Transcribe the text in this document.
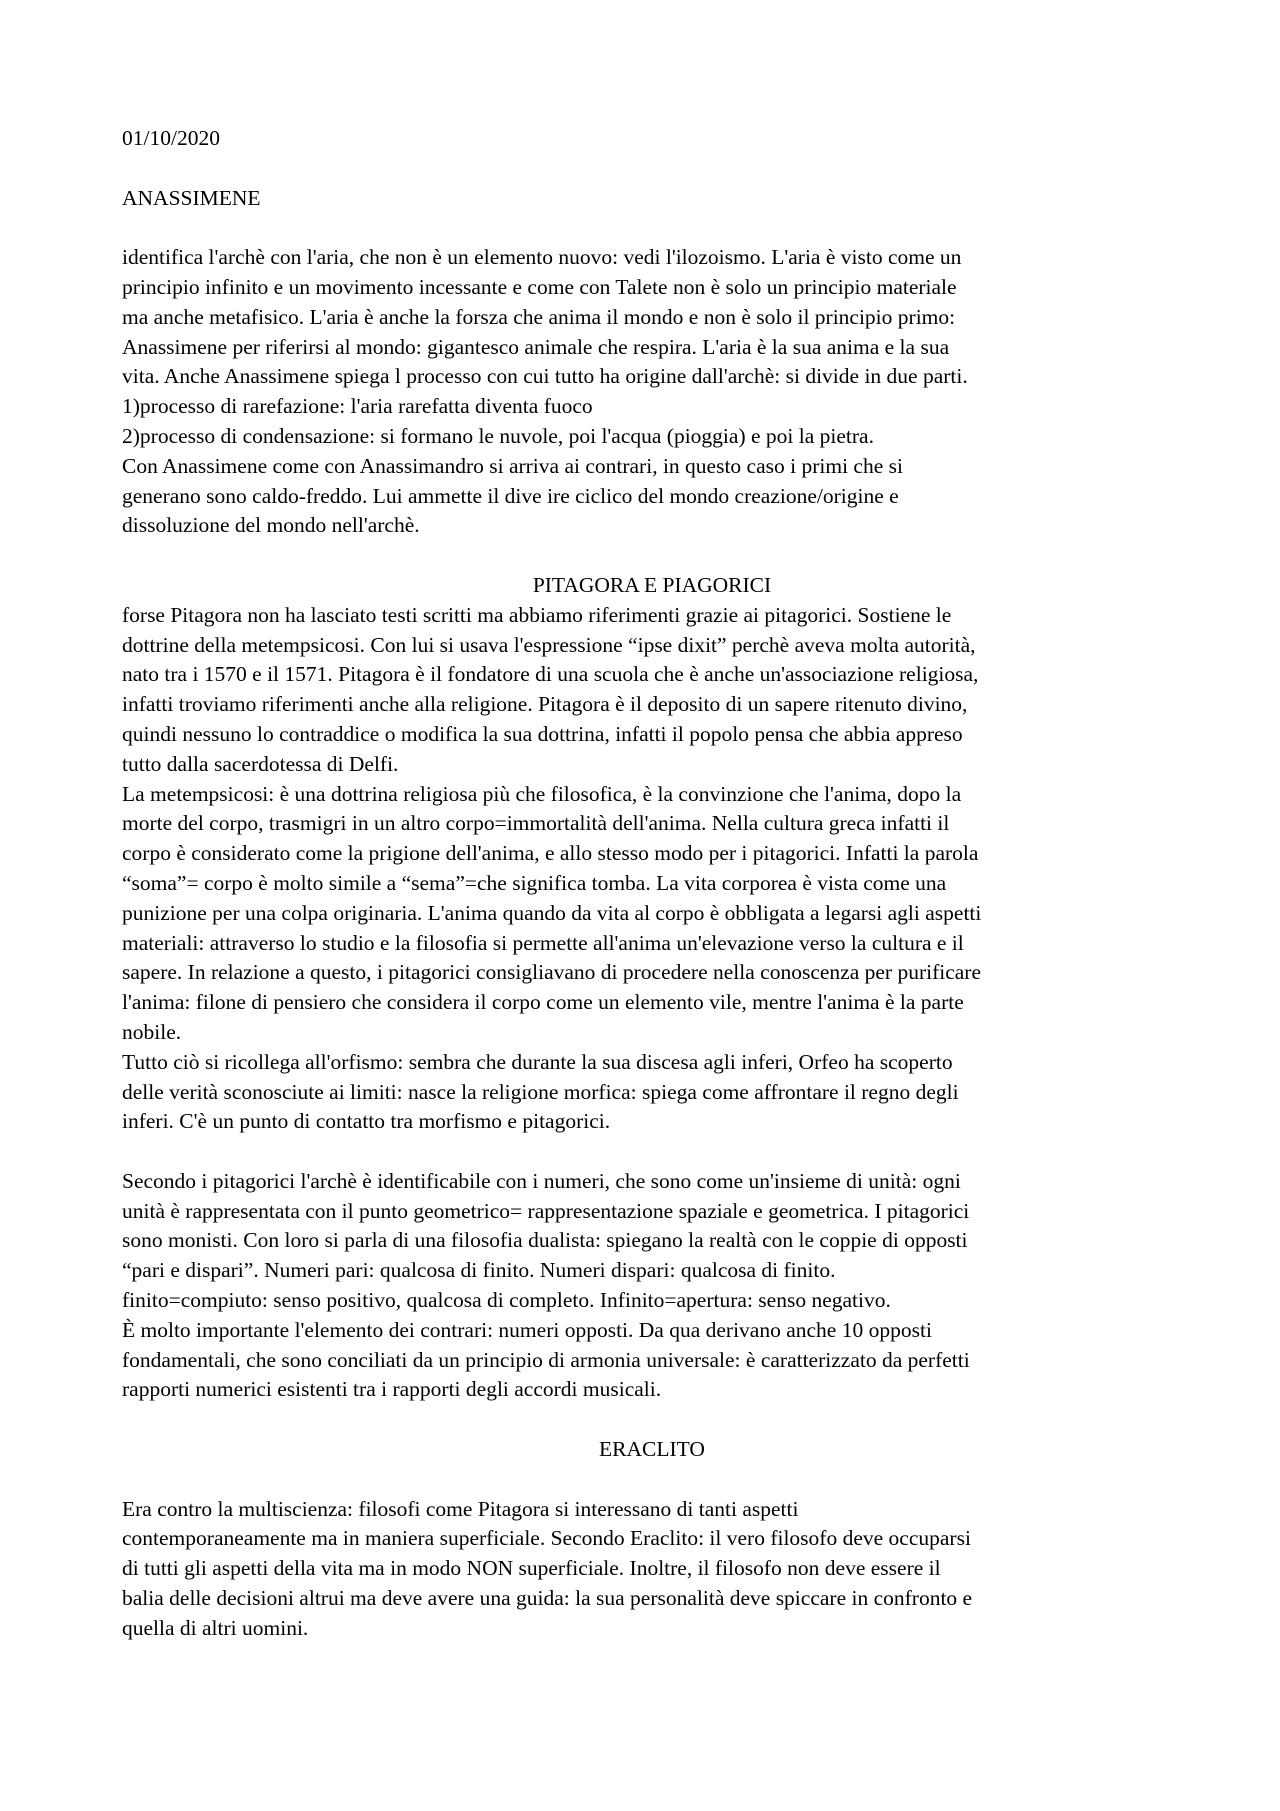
01/10/2020
ANASSIMENE
identifica l'archè con l'aria, che non è un elemento nuovo: vedi l'ilozoismo. L'aria è visto come un
principio infinito e un movimento incessante e come con Talete non è solo un principio materiale
ma anche metafisico. L'aria è anche la forsza che anima il mondo e non è solo il principio primo:
Anassimene per riferirsi al mondo: gigantesco animale che respira. L'aria è la sua anima e la sua
vita. Anche Anassimene spiega l processo con cui tutto ha origine dall'archè: si divide in due parti.
1)processo di rarefazione: l'aria rarefatta diventa fuoco
2)processo di condensazione: si formano le nuvole, poi l'acqua (pioggia) e poi la pietra.
Con Anassimene come con Anassimandro si arriva ai contrari, in questo caso i primi che si
generano sono caldo-freddo. Lui ammette il dive ire ciclico del mondo creazione/origine e
dissoluzione del mondo nell'archè.
PITAGORA E PIAGORICI
forse Pitagora non ha lasciato testi scritti ma abbiamo riferimenti grazie ai pitagorici. Sostiene le
dottrine della metempsicosi. Con lui si usava l'espressione “ipse dixit” perchè aveva molta autorità,
nato tra i 1570 e il 1571. Pitagora è il fondatore di una scuola che è anche un'associazione religiosa,
infatti troviamo riferimenti anche alla religione. Pitagora è il deposito di un sapere ritenuto divino,
quindi nessuno lo contraddice o modifica la sua dottrina, infatti il popolo pensa che abbia appreso
tutto dalla sacerdotessa di Delfi.
La metempsicosi: è una dottrina religiosa più che filosofica, è la convinzione che l'anima, dopo la
morte del corpo, trasmigri in un altro corpo=immortalità dell'anima. Nella cultura greca infatti il
corpo è considerato come la prigione dell'anima, e allo stesso modo per i pitagorici. Infatti la parola
“soma”= corpo è molto simile a “sema”=che significa tomba. La vita corporea è vista come una
punizione per una colpa originaria. L'anima quando da vita al corpo è obbligata a legarsi agli aspetti
materiali: attraverso lo studio e la filosofia si permette all'anima un'elevazione verso la cultura e il
sapere. In relazione a questo, i pitagorici consigliavano di procedere nella conoscenza per purificare
l'anima: filone di pensiero che considera il corpo come un elemento vile, mentre l'anima è la parte
nobile.
Tutto ciò si ricollega all'orfismo: sembra che durante la sua discesa agli inferi, Orfeo ha scoperto
delle verità sconosciute ai limiti: nasce la religione morfica: spiega come affrontare il regno degli
inferi. C'è un punto di contatto tra morfismo e pitagorici.
Secondo i pitagorici l'archè è identificabile con i numeri, che sono come un'insieme di unità: ogni
unità è rappresentata con il punto geometrico= rappresentazione spaziale e geometrica. I pitagorici
sono monisti. Con loro si parla di una filosofia dualista: spiegano la realtà con le coppie di opposti
“pari e dispari”. Numeri pari: qualcosa di finito. Numeri dispari: qualcosa di finito.
finito=compiuto: senso positivo, qualcosa di completo. Infinito=apertura: senso negativo.
È molto importante l'elemento dei contrari: numeri opposti. Da qua derivano anche 10 opposti
fondamentali, che sono conciliati da un principio di armonia universale: è caratterizzato da perfetti
rapporti numerici esistenti tra i rapporti degli accordi musicali.
ERACLITO
Era contro la multiscienza: filosofi come Pitagora si interessano di tanti aspetti
contemporaneamente ma in maniera superficiale. Secondo Eraclito: il vero filosofo deve occuparsi
di tutti gli aspetti della vita ma in modo NON superficiale. Inoltre, il filosofo non deve essere il
balia delle decisioni altrui ma deve avere una guida: la sua personalità deve spiccare in confronto e
quella di altri uomini.
